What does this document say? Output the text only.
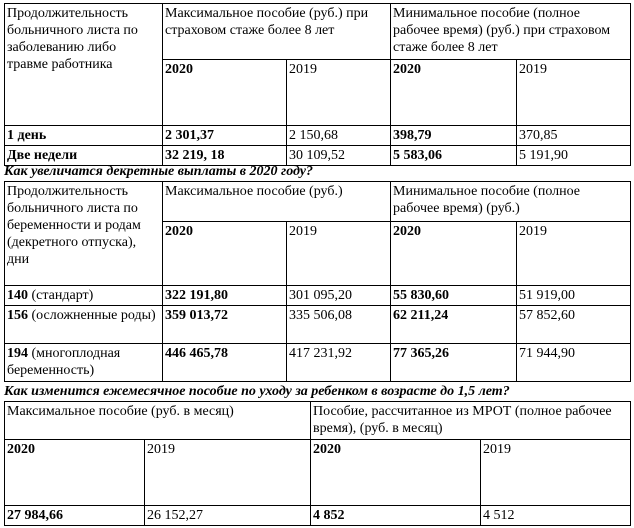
Продолжительность больничного листа по заболеванию либо травме работника	Максимальное пособие (руб.) при страховом стаже более 8 лет		Минимальное пособие (полное рабочее время) (руб.) при страховом стаже более 8 лет	
	2020	2019	2020	2019
1 день	2 301,37	2 150,68	398,79	370,85
Две недели	32 219, 18	30 109,52	5 583,06	5 191,90
Как увеличатся декретные выплаты в 2020 году?
Продолжительность больничного листа по беременности и родам (декретного отпуска), дни	Максимальное пособие (руб.)		Минимальное пособие (полное рабочее время) (руб.)	
	2020	2019	2020	2019
140 (стандарт)	322 191,80	301 095,20	55 830,60	51 919,00
156 (осложненные роды)	359 013,72	335 506,08	62 211,24	57 852,60
194 (многоплодная беременность)	446 465,78	417 231,92	77 365,26	71 944,90
Как изменится ежемесячное пособие по уходу за ребенком в возрасте до 1,5 лет?
Максимальное пособие (руб. в месяц)		Пособие, рассчитанное из МРОТ (полное рабочее время), (руб. в месяц)	
2020	2019	2020	2019
27 984,66	26 152,27	4 852	4 512
